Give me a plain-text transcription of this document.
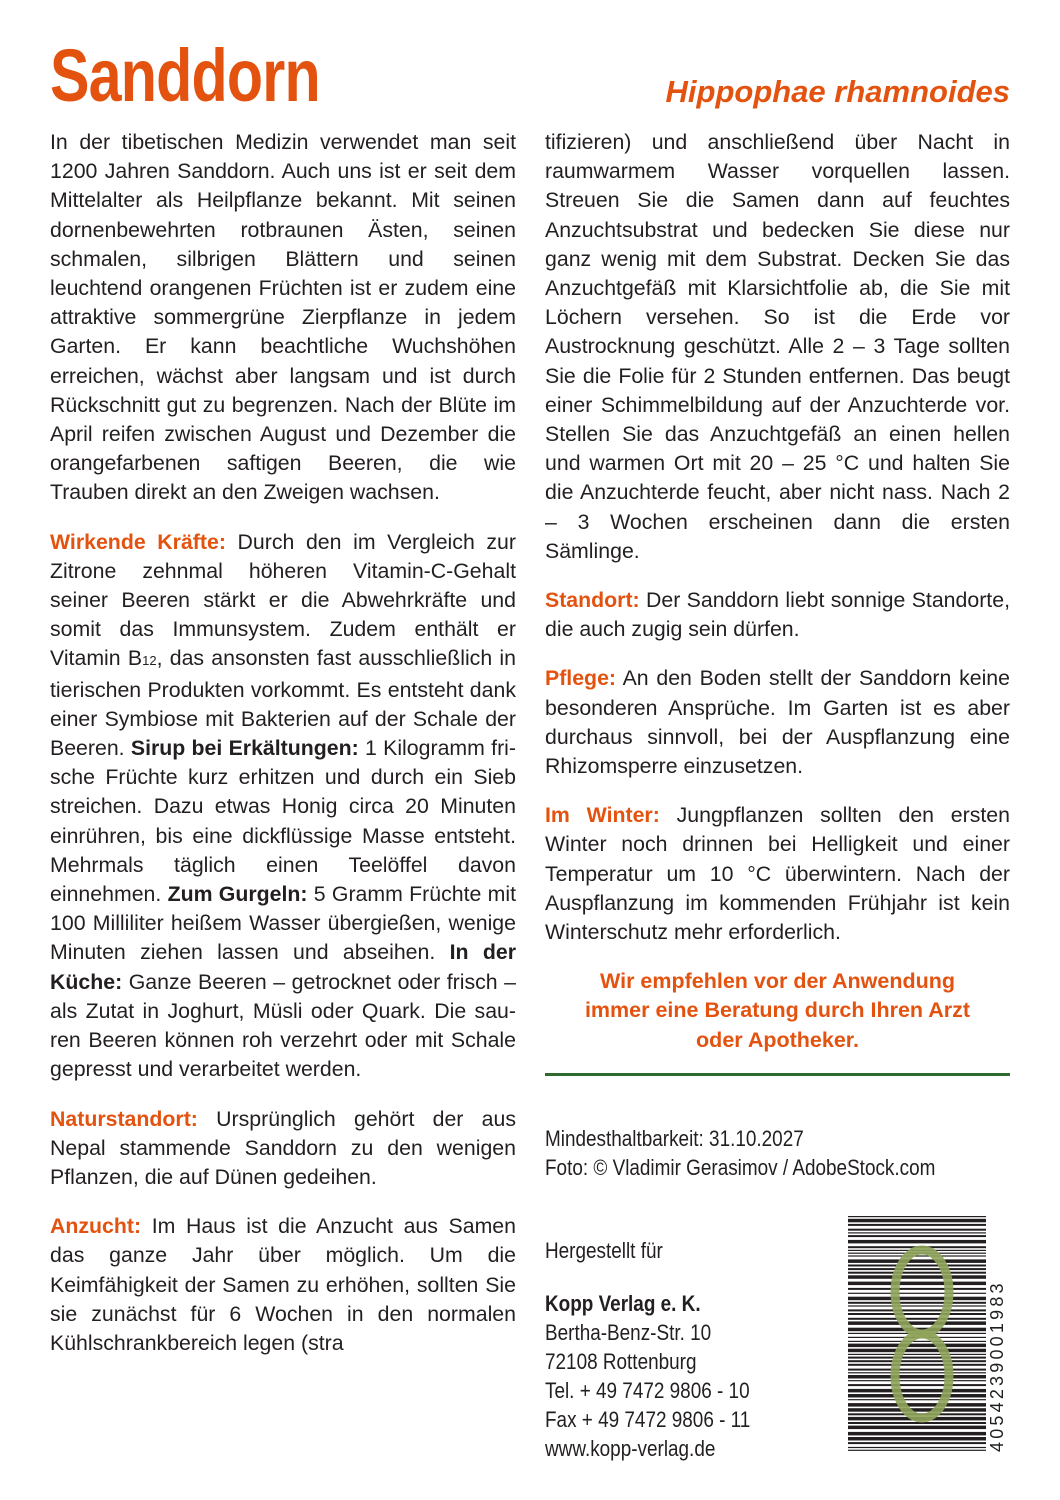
Sanddorn	Hippophae rhamnoides

In der tibetischen Medizin verwendet man seit 1200 Jahren Sanddorn. Auch uns ist er seit dem Mittelalter als Heilpflanze bekannt. Mit seinen dornenbewehrten rotbraunen Ästen, seinen schmalen, silbrigen Blättern und seinen leuchtend orangenen Früchten ist er zudem eine attraktive sommergrüne Zierpflanze in jedem Garten. Er kann beachtliche Wuchshöhen erreichen, wächst aber langsam und ist durch Rückschnitt gut zu begrenzen. Nach der Blüte im April reifen zwischen August und Dezember die orangefarbenen saftigen Beeren, die wie Trauben direkt an den Zweigen wachsen.

Wirkende Kräfte: Durch den im Vergleich zur Zitrone zehnmal höheren Vitamin-C-Gehalt seiner Beeren stärkt er die Abwehrkräfte und somit das Immunsystem. Zudem enthält er Vitamin B12, das ansonsten fast ausschließlich in tierischen Produkten vorkommt. Es entsteht dank einer Symbiose mit Bakterien auf der Schale der Beeren. Sirup bei Erkältungen: 1 Kilogramm frische Früchte kurz erhitzen und durch ein Sieb streichen. Dazu etwas Honig circa 20 Minuten einrühren, bis eine dickflüssige Masse entsteht. Mehrmals täglich einen Teelöffel davon einnehmen. Zum Gurgeln: 5 Gramm Früchte mit 100 Milliliter heißem Wasser übergießen, wenige Minuten ziehen lassen und abseihen. In der Küche: Ganze Beeren – getrocknet oder frisch – als Zutat in Joghurt, Müsli oder Quark. Die sauren Beeren können roh verzehrt oder mit Schale gepresst und verarbeitet werden.

Naturstandort: Ursprünglich gehört der aus Nepal stammende Sanddorn zu den wenigen Pflanzen, die auf Dünen gedeihen.

Anzucht: Im Haus ist die Anzucht aus Samen das ganze Jahr über möglich. Um die Keimfähigkeit der Samen zu erhöhen, sollten Sie sie zunächst für 6 Wochen in den normalen Kühlschrankbereich legen (stra

tifizieren) und anschließend über Nacht in raumwarmem Wasser vorquellen lassen. Streuen Sie die Samen dann auf feuchtes Anzuchtsubstrat und bedecken Sie diese nur ganz wenig mit dem Substrat. Decken Sie das Anzuchtgefäß mit Klarsichtfolie ab, die Sie mit Löchern versehen. So ist die Erde vor Austrocknung geschützt. Alle 2 – 3 Tage sollten Sie die Folie für 2 Stunden entfernen. Das beugt einer Schimmelbildung auf der Anzuchterde vor. Stellen Sie das Anzuchtgefäß an einen hellen und warmen Ort mit 20 – 25 °C und halten Sie die Anzuchterde feucht, aber nicht nass. Nach 2 – 3 Wochen erscheinen dann die ersten Sämlinge.

Standort: Der Sanddorn liebt sonnige Standorte, die auch zugig sein dürfen.

Pflege: An den Boden stellt der Sanddorn keine besonderen Ansprüche. Im Garten ist es aber durchaus sinnvoll, bei der Auspflanzung eine Rhizomsperre einzusetzen.

Im Winter: Jungpflanzen sollten den ersten Winter noch drinnen bei Helligkeit und einer Temperatur um 10 °C überwintern. Nach der Auspflanzung im kommenden Frühjahr ist kein Winterschutz mehr erforderlich.

Wir empfehlen vor der Anwendung
immer eine Beratung durch Ihren Arzt
oder Apotheker.

Mindesthaltbarkeit: 31.10.2027
Foto: © Vladimir Gerasimov / AdobeStock.com
Hergestellt für
Kopp Verlag e. K.
Bertha-Benz-Str. 10
72108 Rottenburg
Tel. + 49 7472 9806 - 10
Fax + 49 7472 9806 - 11
www.kopp-verlag.de	4054239001983
